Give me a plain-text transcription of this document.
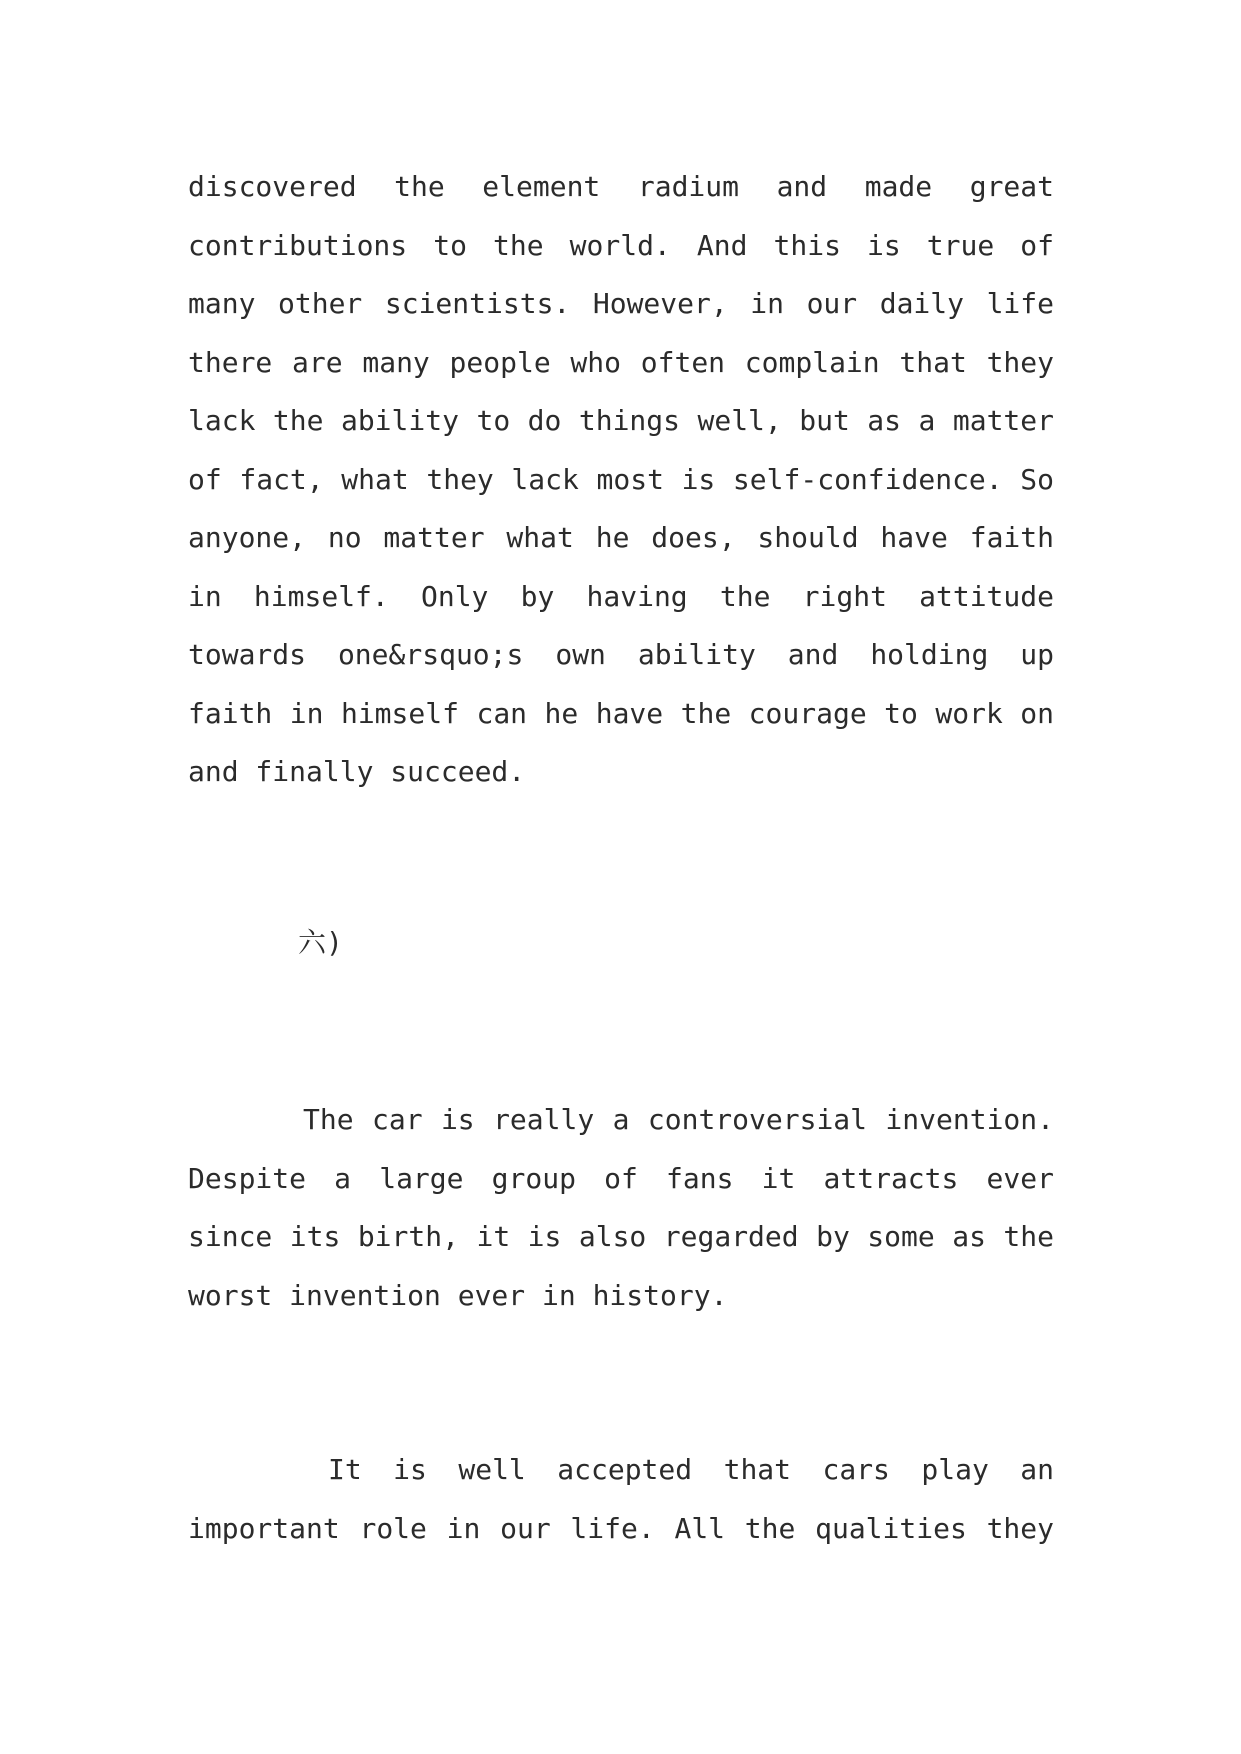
discovered the element radium and made great
contributions to the world. And this is true of
many other scientists. However, in our daily life
there are many people who often complain that they
lack the ability to do things well, but as a matter
of fact, what they lack most is self-confidence. So
anyone, no matter what he does, should have faith
in himself. Only by having the right attitude
towards one&rsquo;s own ability and holding up
faith in himself can he have the courage to work on
and finally succeed.
六)
The car is really a controversial invention.
Despite a large group of fans it attracts ever
since its birth, it is also regarded by some as the
worst invention ever in history.
It is well accepted that cars play an
important role in our life. All the qualities they
